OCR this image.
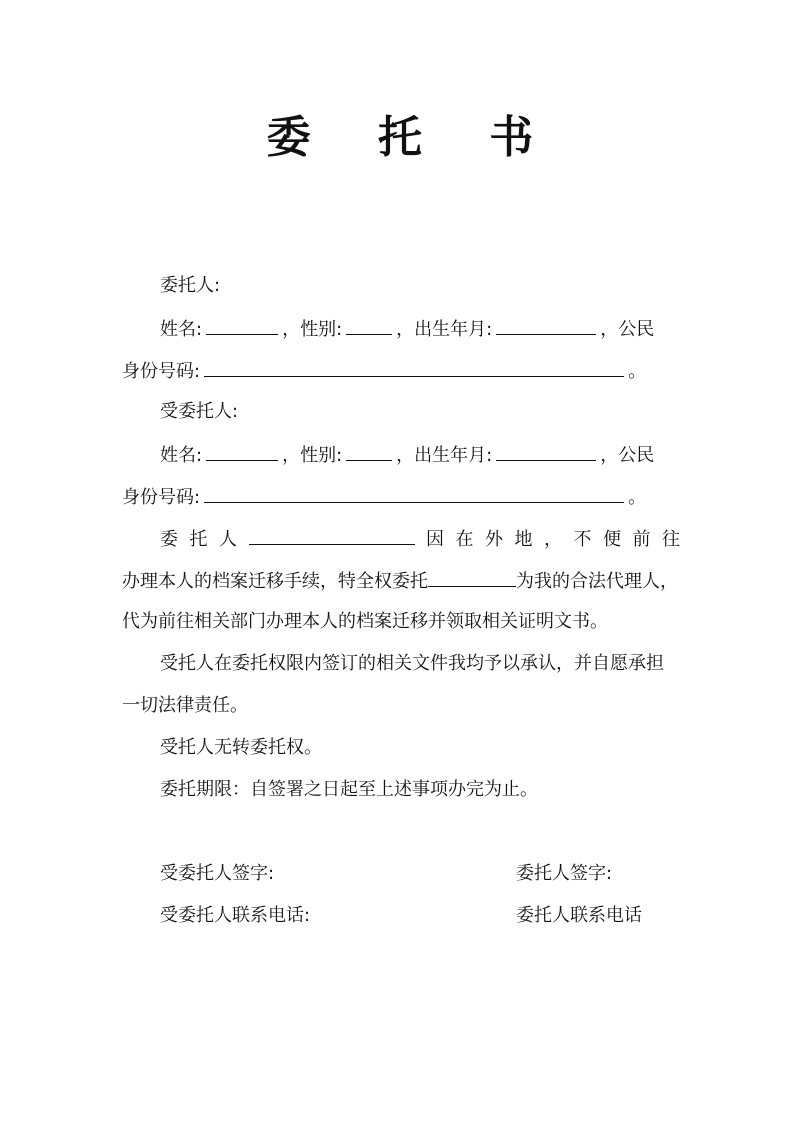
委 托 书
委托人:
姓名:	，性别:	，出生年月:	，公民
身份号码:	。
受委托人:
姓名:	，性别:	，出生年月:	，公民
身份号码:	。
委 托 人	因 在 外 地 ， 不 便 前 往
办理本人的档案迁移手续，特全权委托	为我的合法代理人，
代为前往相关部门办理本人的档案迁移并领取相关证明文书。
受托人在委托权限内签订的相关文件我均予以承认，并自愿承担
一切法律责任。
受托人无转委托权。
委托期限：自签署之日起至上述事项办完为止。
受委托人签字:	委托人签字:
受委托人联系电话:	委托人联系电话
